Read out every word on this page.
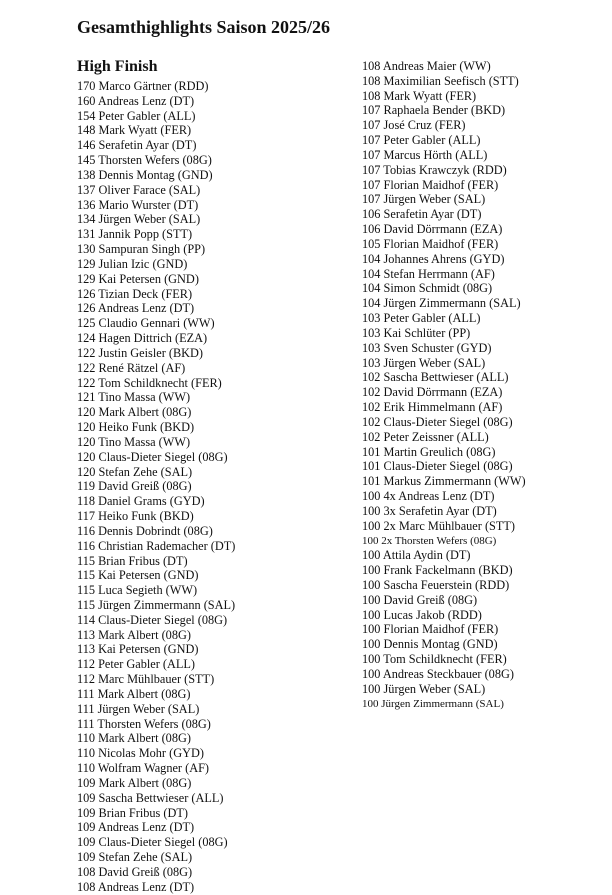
Gesamthighlights Saison 2025/26
High Finish
170 Marco Gärtner (RDD)
160 Andreas Lenz (DT)
154 Peter Gabler (ALL)
148 Mark Wyatt (FER)
146 Serafetin Ayar (DT)
145 Thorsten Wefers (08G)
138 Dennis Montag (GND)
137 Oliver Farace (SAL)
136 Mario Wurster (DT)
134 Jürgen Weber (SAL)
131 Jannik Popp (STT)
130 Sampuran Singh (PP)
129 Julian Izic (GND)
129 Kai Petersen (GND)
126 Tizian Deck (FER)
126 Andreas Lenz (DT)
125 Claudio Gennari (WW)
124 Hagen Dittrich (EZA)
122 Justin Geisler (BKD)
122 René Rätzel (AF)
122 Tom Schildknecht (FER)
121 Tino Massa (WW)
120 Mark Albert (08G)
120 Heiko Funk (BKD)
120 Tino Massa (WW)
120 Claus-Dieter Siegel (08G)
120 Stefan Zehe (SAL)
119 David Greiß (08G)
118 Daniel Grams (GYD)
117 Heiko Funk (BKD)
116 Dennis Dobrindt (08G)
116 Christian Rademacher (DT)
115 Brian Fribus (DT)
115 Kai Petersen (GND)
115 Luca Segieth (WW)
115 Jürgen Zimmermann (SAL)
114 Claus-Dieter Siegel (08G)
113 Mark Albert (08G)
113 Kai Petersen (GND)
112 Peter Gabler (ALL)
112 Marc Mühlbauer (STT)
111 Mark Albert (08G)
111 Jürgen Weber (SAL)
111 Thorsten Wefers (08G)
110 Mark Albert (08G)
110 Nicolas Mohr (GYD)
110 Wolfram Wagner (AF)
109 Mark Albert (08G)
109 Sascha Bettwieser (ALL)
109 Brian Fribus (DT)
109 Andreas Lenz (DT)
109 Claus-Dieter Siegel (08G)
109 Stefan Zehe (SAL)
108 David Greiß (08G)
108 Andreas Lenz (DT)
108 Andreas Maier (WW)
108 Maximilian Seefisch (STT)
108 Mark Wyatt (FER)
107 Raphaela Bender (BKD)
107 José Cruz (FER)
107 Peter Gabler (ALL)
107 Marcus Hörth (ALL)
107 Tobias Krawczyk (RDD)
107 Florian Maidhof (FER)
107 Jürgen Weber (SAL)
106 Serafetin Ayar (DT)
106 David Dörrmann (EZA)
105 Florian Maidhof (FER)
104 Johannes Ahrens (GYD)
104 Stefan Herrmann (AF)
104 Simon Schmidt (08G)
104 Jürgen Zimmermann (SAL)
103 Peter Gabler (ALL)
103 Kai Schlüter (PP)
103 Sven Schuster (GYD)
103 Jürgen Weber (SAL)
102 Sascha Bettwieser (ALL)
102 David Dörrmann (EZA)
102 Erik Himmelmann (AF)
102 Claus-Dieter Siegel (08G)
102 Peter Zeissner (ALL)
101 Martin Greulich (08G)
101 Claus-Dieter Siegel (08G)
101 Markus Zimmermann (WW)
100 4x Andreas Lenz (DT)
100 3x Serafetin Ayar (DT)
100 2x Marc Mühlbauer (STT)
100 2x Thorsten Wefers (08G)
100 Attila Aydin (DT)
100 Frank Fackelmann (BKD)
100 Sascha Feuerstein (RDD)
100 David Greiß (08G)
100 Lucas Jakob (RDD)
100 Florian Maidhof (FER)
100 Dennis Montag (GND)
100 Tom Schildknecht (FER)
100 Andreas Steckbauer (08G)
100 Jürgen Weber (SAL)
100 Jürgen Zimmermann (SAL)
